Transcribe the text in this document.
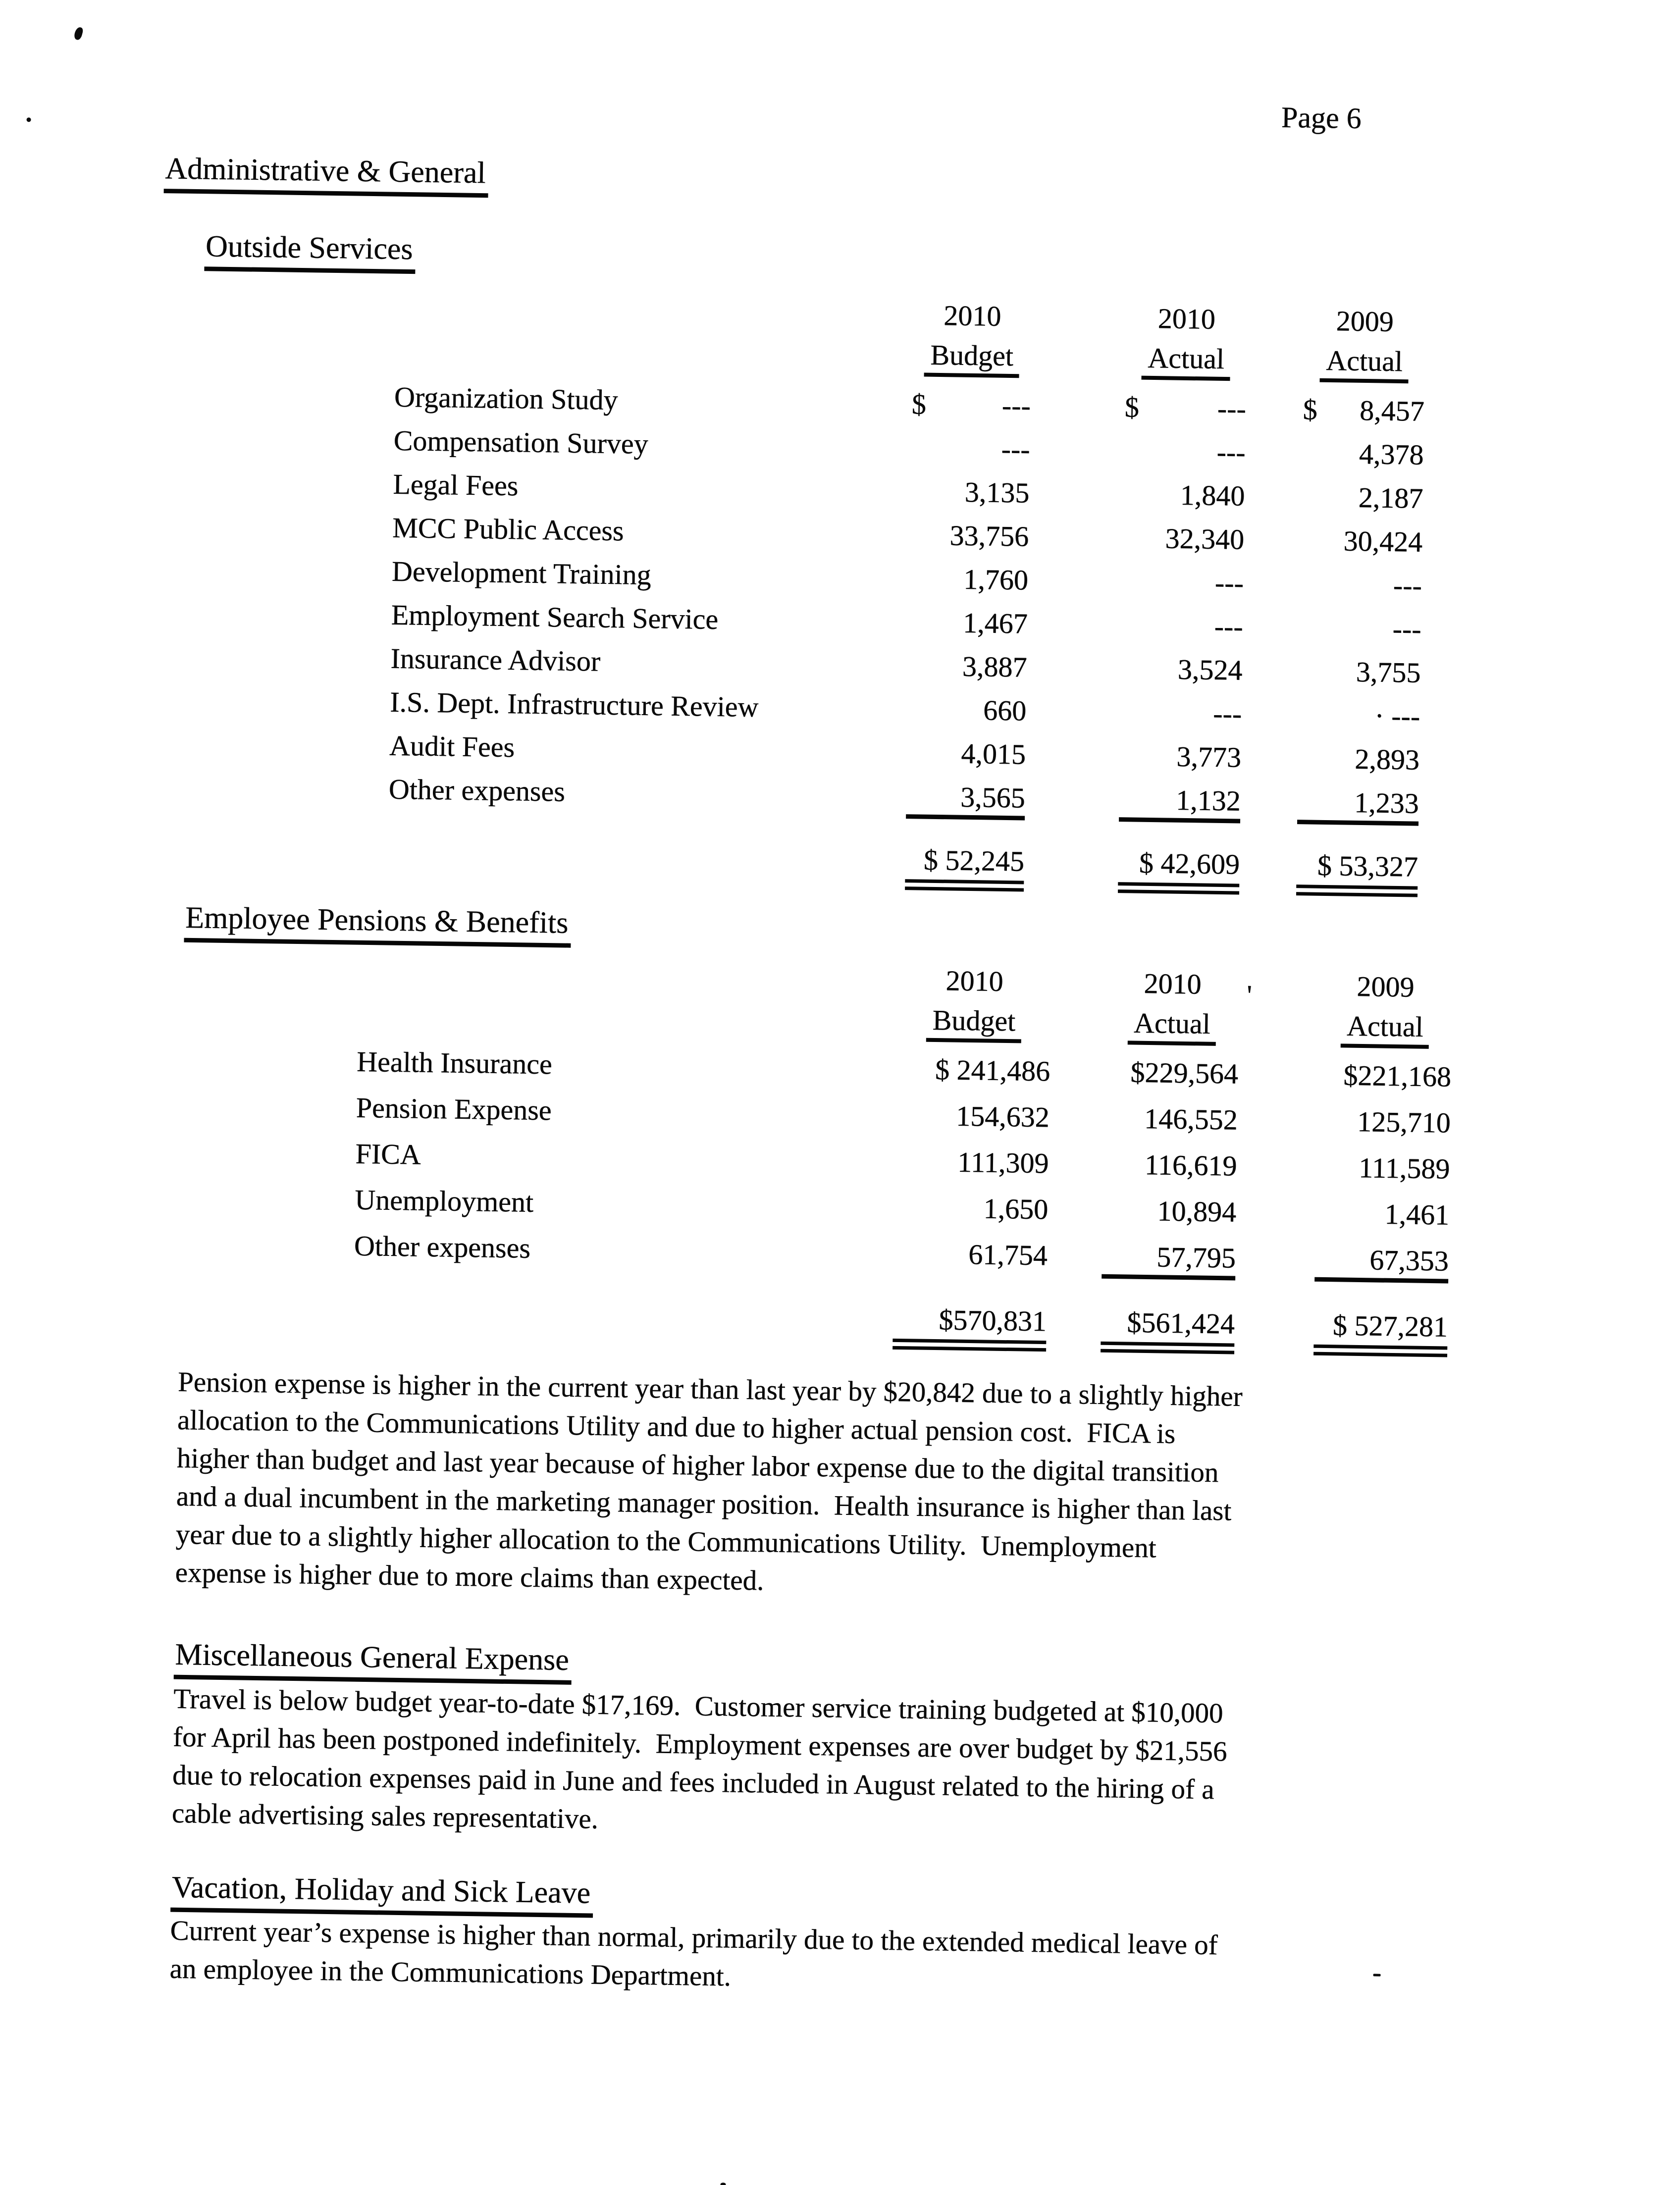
Page 6
Administrative & General
Outside Services
	2010		2010		2009
	Budget		Actual		Actual
Organization Study	$ ---		$ ---		$ 8,457

Compensation Survey	---		---		4,378

Legal Fees	3,135		1,840		2,187

MCC Public Access	33,756		32,340		30,424

Development Training	1,760		---		---

Employment Search Service	1,467		---		---

Insurance Advisor	3,887		3,524		3,755

I.S. Dept. Infrastructure Review	660		---		· ---

Audit Fees	4,015		3,773		2,893

Other expenses	3,565		1,132		1,233

	$ 52,245		$ 42,609		$ 53,327
Employee Pensions & Benefits
'
	2010		2010		2009
	Budget		Actual		Actual
Health Insurance	$ 241,486		$229,564		$221,168

Pension Expense	154,632		146,552		125,710

FICA	111,309		116,619		111,589

Unemployment	1,650		10,894		1,461

Other expenses	61,754		57,795		67,353

	$570,831		$561,424		$ 527,281
Pension expense is higher in the current year than last year by $20,842 due to a slightly higher
allocation to the Communications Utility and due to higher actual pension cost.  FICA is
higher than budget and last year because of higher labor expense due to the digital transition
and a dual incumbent in the marketing manager position.  Health insurance is higher than last
year due to a slightly higher allocation to the Communications Utility.  Unemployment
expense is higher due to more claims than expected.
Miscellaneous General Expense
Travel is below budget year-to-date $17,169.  Customer service training budgeted at $10,000
for April has been postponed indefinitely.  Employment expenses are over budget by $21,556
due to relocation expenses paid in June and fees included in August related to the hiring of a
cable advertising sales representative.
Vacation, Holiday and Sick Leave
Current year’s expense is higher than normal, primarily due to the extended medical leave of
an employee in the Communications Department.
